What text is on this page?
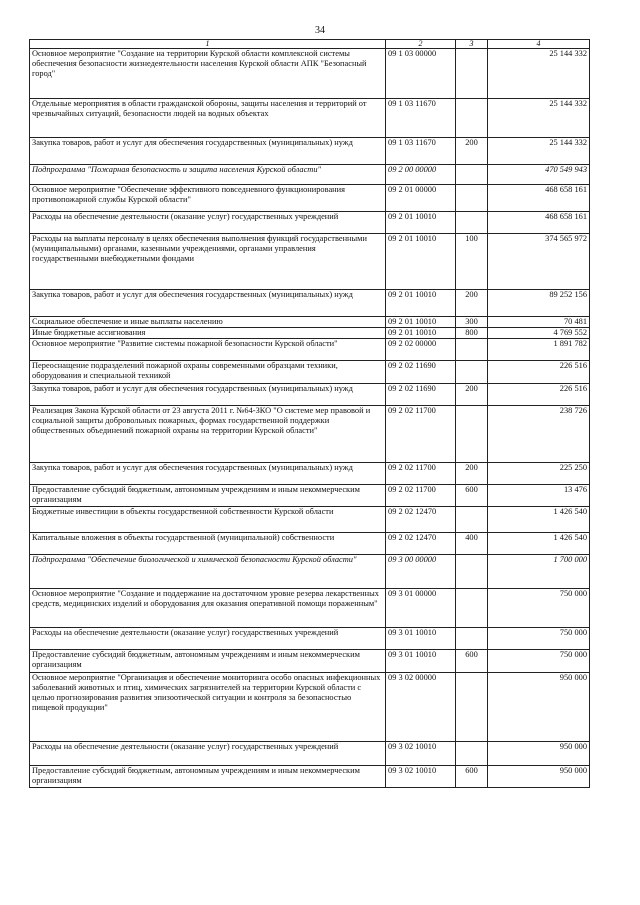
34
1	2	3	4
Основное мероприятие "Создание на территории Курской области комплексной системы обеспечения безопасности жизнедеятельности населения Курской области АПК "Безопасный город"	09 1 03 00000		25 144 332
Отдельные мероприятия в области гражданской обороны, защиты населения и территорий от чрезвычайных ситуаций, безопасности людей на водных объектах	09 1 03 11670		25 144 332
Закупка товаров, работ и услуг для обеспечения государственных (муниципальных) нужд	09 1 03 11670	200	25 144 332
Подпрограмма "Пожарная безопасность и защита населения Курской области"	09 2 00 00000		470 549 943
Основное мероприятие "Обеспечение эффективного повседневного функционирования противопожарной службы Курской области"	09 2 01 00000		468 658 161
Расходы на обеспечение деятельности (оказание услуг) государственных учреждений	09 2 01 10010		468 658 161
Расходы на выплаты персоналу в целях обеспечения выполнения функций государственными (муниципальными) органами, казенными учреждениями, органами управления государственными внебюджетными фондами	09 2 01 10010	100	374 565 972
Закупка товаров, работ и услуг для обеспечения государственных (муниципальных) нужд	09 2 01 10010	200	89 252 156
Социальное обеспечение и иные выплаты населению	09 2 01 10010	300	70 481
Иные бюджетные ассигнования	09 2 01 10010	800	4 769 552
Основное мероприятие "Развитие системы пожарной безопасности Курской области"	09 2 02 00000		1 891 782
Переоснащение подразделений пожарной охраны современными образцами техники, оборудования и специальной техникой	09 2 02 11690		226 516
Закупка товаров, работ и услуг для обеспечения государственных (муниципальных) нужд	09 2 02 11690	200	226 516
Реализация Закона Курской области от 23 августа 2011 г. №64-ЗКО "О системе мер правовой и социальной защиты добровольных пожарных, формах государственной поддержки общественных объединений пожарной охраны на территории Курской области"	09 2 02 11700		238 726
Закупка товаров, работ и услуг для обеспечения государственных (муниципальных) нужд	09 2 02 11700	200	225 250
Предоставление субсидий бюджетным, автономным учреждениям и иным некоммерческим организациям	09 2 02 11700	600	13 476
Бюджетные инвестиции в объекты государственной собственности Курской области	09 2 02 12470		1 426 540
Капитальные вложения в объекты государственной (муниципальной) собственности	09 2 02 12470	400	1 426 540
Подпрограмма "Обеспечение биологической и химической безопасности Курской области"	09 3 00 00000		1 700 000
Основное мероприятие "Создание и поддержание на достаточном уровне резерва лекарственных средств, медицинских изделий и оборудования для оказания оперативной помощи пораженным"	09 3 01 00000		750 000
Расходы на обеспечение деятельности (оказание услуг) государственных учреждений	09 3 01 10010		750 000
Предоставление субсидий бюджетным, автономным учреждениям и иным некоммерческим организациям	09 3 01 10010	600	750 000
Основное мероприятие "Организация и обеспечение мониторинга особо опасных инфекционных заболеваний животных и птиц, химических загрязнителей на территории Курской области с целью прогнозирования развития эпизоотической ситуации и контроля за безопасностью пищевой продукции"	09 3 02 00000		950 000
Расходы на обеспечение деятельности (оказание услуг) государственных учреждений	09 3 02 10010		950 000
Предоставление субсидий бюджетным, автономным учреждениям и иным некоммерческим организациям	09 3 02 10010	600	950 000
